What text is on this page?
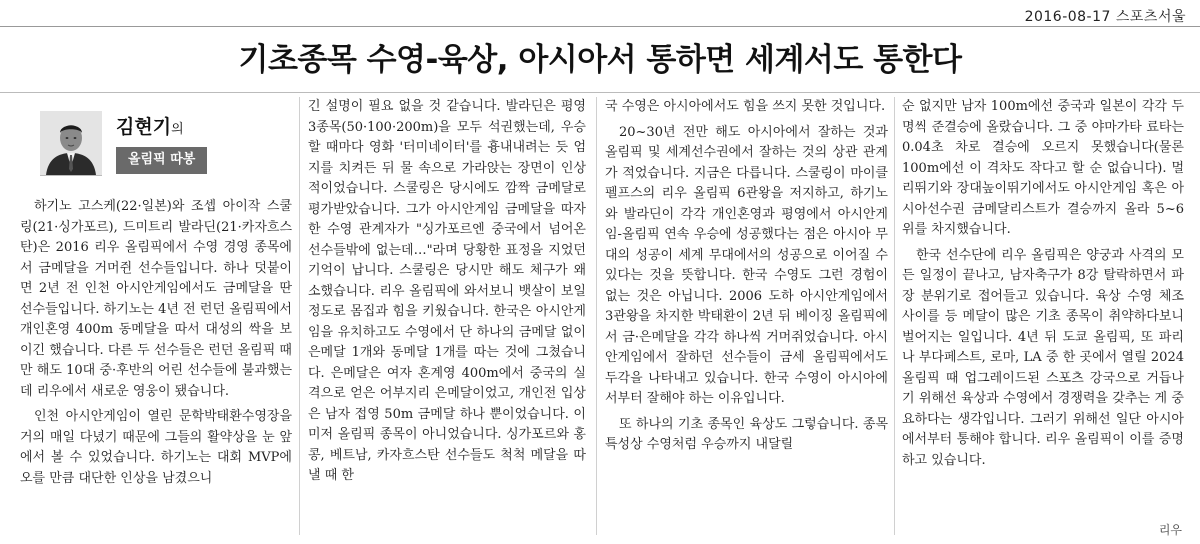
2016-08-17 스포츠서울
기초종목 수영-육상, 아시아서 통하면 세계서도 통한다
김현기의
올림픽 따봉

하기노 고스케(22·일본)와 조셉 아이작 스쿨링(21·싱가포르), 드미트리 발라딘(21·카자흐스탄)은 2016 리우 올림픽에서 수영 경영 종목에서 금메달을 거머쥔 선수들입니다. 하나 덧붙이면 2년 전 인천 아시안게임에서도 금메달을 딴 선수들입니다. 하기노는 4년 전 런던 올림픽에서 개인혼영 400m 동메달을 따서 대성의 싹을 보이긴 했습니다. 다른 두 선수들은 런던 올림픽 때만 해도 10대 중·후반의 어린 선수들에 불과했는데 리우에서 새로운 영웅이 됐습니다.

인천 아시안게임이 열린 문학박태환수영장을 거의 매일 다녔기 때문에 그들의 활약상을 눈 앞에서 볼 수 있었습니다. 하기노는 대회 MVP에 오를 만큼 대단한 인상을 남겼으니

긴 설명이 필요 없을 것 같습니다. 발라딘은 평영 3종목(50·100·200m)을 모두 석권했는데, 우승할 때마다 영화 '터미네이터'를 흉내내려는 듯 엄지를 치켜든 뒤 물 속으로 가라앉는 장면이 인상적이었습니다. 스쿨링은 당시에도 깜짝 금메달로 평가받았습니다. 그가 아시안게임 금메달을 따자 한 수영 관계자가 "싱가포르엔 중국에서 넘어온 선수들밖에 없는데…"라며 당황한 표정을 지었던 기억이 납니다. 스쿨링은 당시만 해도 체구가 왜소했습니다. 리우 올림픽에 와서보니 뱃살이 보일 정도로 몸집과 힘을 키웠습니다. 한국은 아시안게임을 유치하고도 수영에서 단 하나의 금메달 없이 은메달 1개와 동메달 1개를 따는 것에 그쳤습니다. 은메달은 여자 혼계영 400m에서 중국의 실격으로 얻은 어부지리 은메달이었고, 개인전 입상은 남자 접영 50m 금메달 하나 뿐이었습니다. 이미저 올림픽 종목이 아니었습니다. 싱가포르와 홍콩, 베트남, 카자흐스탄 선수들도 척척 메달을 따낼 때 한

국 수영은 아시아에서도 힘을 쓰지 못한 것입니다.

20~30년 전만 해도 아시아에서 잘하는 것과 올림픽 및 세계선수권에서 잘하는 것의 상관 관계가 적었습니다. 지금은 다릅니다. 스쿨링이 마이클 펠프스의 리우 올림픽 6관왕을 저지하고, 하기노와 발라딘이 각각 개인혼영과 평영에서 아시안게임-올림픽 연속 우승에 성공했다는 점은 아시아 무대의 성공이 세계 무대에서의 성공으로 이어질 수 있다는 것을 뜻합니다. 한국 수영도 그런 경험이 없는 것은 아닙니다. 2006 도하 아시안게임에서 3관왕을 차지한 박태환이 2년 뒤 베이징 올림픽에서 금·은메달을 각각 하나씩 거머쥐었습니다. 아시안게임에서 잘하던 선수들이 금세 올림픽에서도 두각을 나타내고 있습니다. 한국 수영이 아시아에서부터 잘해야 하는 이유입니다.

또 하나의 기초 종목인 육상도 그렇습니다. 종목 특성상 수영처럼 우승까지 내달릴

순 없지만 남자 100m에선 중국과 일본이 각각 두 명씩 준결승에 올랐습니다. 그 중 야마가타 료타는 0.04초 차로 결승에 오르지 못했습니다(물론 100m에선 이 격차도 작다고 할 순 없습니다). 멀리뛰기와 장대높이뛰기에서도 아시안게임 혹은 아시아선수권 금메달리스트가 결승까지 올라 5~6위를 차지했습니다.

한국 선수단에 리우 올림픽은 양궁과 사격의 모든 일정이 끝나고, 남자축구가 8강 탈락하면서 파장 분위기로 접어들고 있습니다. 육상 수영 체조 사이를 등 메달이 많은 기초 종목이 취약하다보니 벌어지는 일입니다. 4년 뒤 도쿄 올림픽, 또 파리나 부다페스트, 로마, LA 중 한 곳에서 열릴 2024 올림픽 때 업그레이드된 스포츠 강국으로 거듭나기 위해선 육상과 수영에서 경쟁력을 갖추는 게 중요하다는 생각입니다. 그러기 위해선 일단 아시아에서부터 통해야 합니다. 리우 올림픽이 이를 증명하고 있습니다.

리우
